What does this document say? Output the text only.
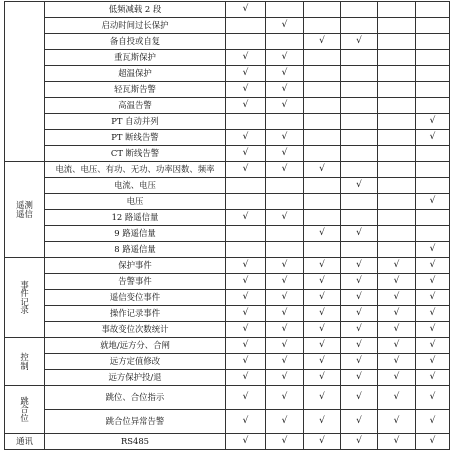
	低频减载 2 段	√					
	启动时间过长保护		√				
	备自投或自复			√	√		
	重瓦斯保护	√	√				
	超温保护	√	√				
	轻瓦斯告警	√	√				
	高温告警	√	√				
	PT 自动并列						√
	PT 断线告警	√	√				√
	CT 断线告警	√	√				

遥测
遥信	电流、电压、有功、无功、功率因数、频率	√	√	√			
	电流、电压				√		
	电压						√
	12 路遥信量	√	√				
	9 路遥信量			√	√		
	8 路遥信量						√

事
件
记
录	保护事件	√	√	√	√	√	√
	告警事件	√	√	√	√	√	√
	遥信变位事件	√	√	√	√	√	√
	操作记录事件	√	√	√	√	√	√
	事故变位次数统计	√	√	√	√	√	√

控
制	就地/远方分、合闸	√	√	√	√	√	√
	远方定值修改	√	√	√	√	√	√
	远方保护投/退	√	√	√	√	√	√

跳
合
位	跳位、合位指示	√	√	√	√	√	√
	跳合位异常告警	√	√	√	√	√	√

通讯	RS485	√	√	√	√	√	√
